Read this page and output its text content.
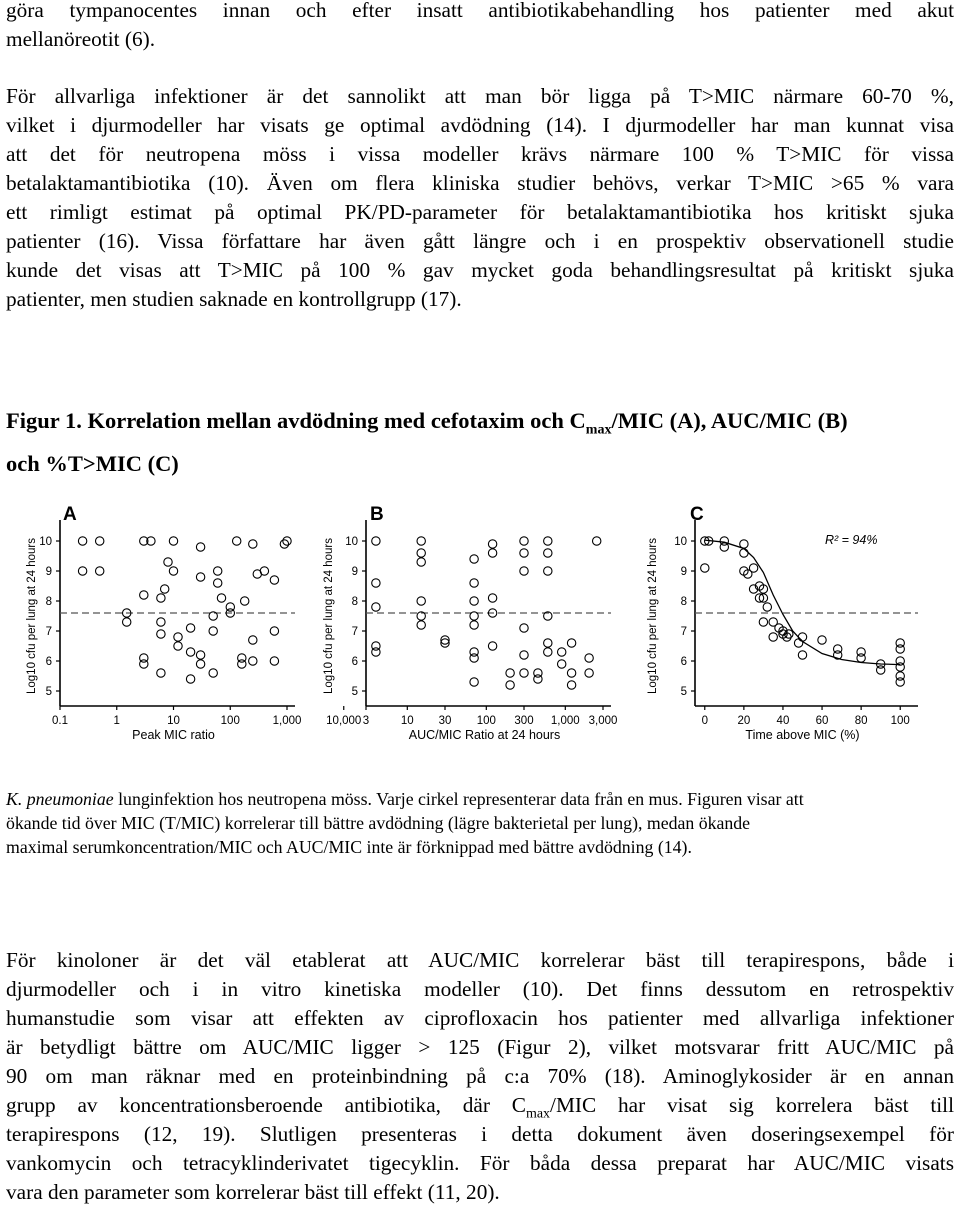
göra tympanocentes innan och efter insatt antibiotikabehandling hos patienter med akut
mellanöreotit (6).
För allvarliga infektioner är det sannolikt att man bör ligga på T>MIC närmare 60-70 %,
vilket i djurmodeller har visats ge optimal avdödning (14). I djurmodeller har man kunnat visa
att det för neutropena möss i vissa modeller krävs närmare 100 % T>MIC för vissa
betalaktamantibiotika (10). Även om flera kliniska studier behövs, verkar T>MIC >65 % vara
ett rimligt estimat på optimal PK/PD-parameter för betalaktamantibiotika hos kritiskt sjuka
patienter (16). Vissa författare har även gått längre och i en prospektiv observationell studie
kunde det visas att T>MIC på 100 % gav mycket goda behandlingsresultat på kritiskt sjuka
patienter, men studien saknade en kontrollgrupp (17).
Figur 1. Korrelation mellan avdödning med cefotaxim och $C_{max}$/MIC (A), AUC/MIC (B)
och %T>MIC (C)
A
5
6
7
8
9
10
0.1	1	10	100	1,000 10,000
Peak MIC ratio
Log10 cfu per lung at 24 hours
B
5
6
7
8
9
10
3	10 30 100 300 1,000 3,000
AUC/MIC Ratio at 24 hours
Log10 cfu per lung at 24 hours
C
5
6
7
8
9
10
0	20 40 60 80 100
Time above MIC (%)
Log10 cfu per lung at 24 hours	R² = 94%
K. pneumoniae lunginfektion hos neutropena möss. Varje cirkel representerar data från en mus. Figuren visar att
ökande tid över MIC (T/MIC) korrelerar till bättre avdödning (lägre bakterietal per lung), medan ökande
maximal serumkoncentration/MIC och AUC/MIC inte är förknippad med bättre avdödning (14).
För kinoloner är det väl etablerat att AUC/MIC korrelerar bäst till terapirespons, både i
djurmodeller och i in vitro kinetiska modeller (10). Det finns dessutom en retrospektiv
humanstudie som visar att effekten av ciprofloxacin hos patienter med allvarliga infektioner
är betydligt bättre om AUC/MIC ligger > 125 (Figur 2), vilket motsvarar fritt AUC/MIC på
90 om man räknar med en proteinbindning på c:a 70% (18). Aminoglykosider är en annan
grupp av koncentrationsberoende antibiotika, där $C_{max}$/MIC har visat sig korrelera bäst till
terapirespons (12, 19). Slutligen presenteras i detta dokument även doseringsexempel för
vankomycin och tetracyklinderivatet tigecyklin. För båda dessa preparat har AUC/MIC visats
vara den parameter som korrelerar bäst till effekt (11, 20).
